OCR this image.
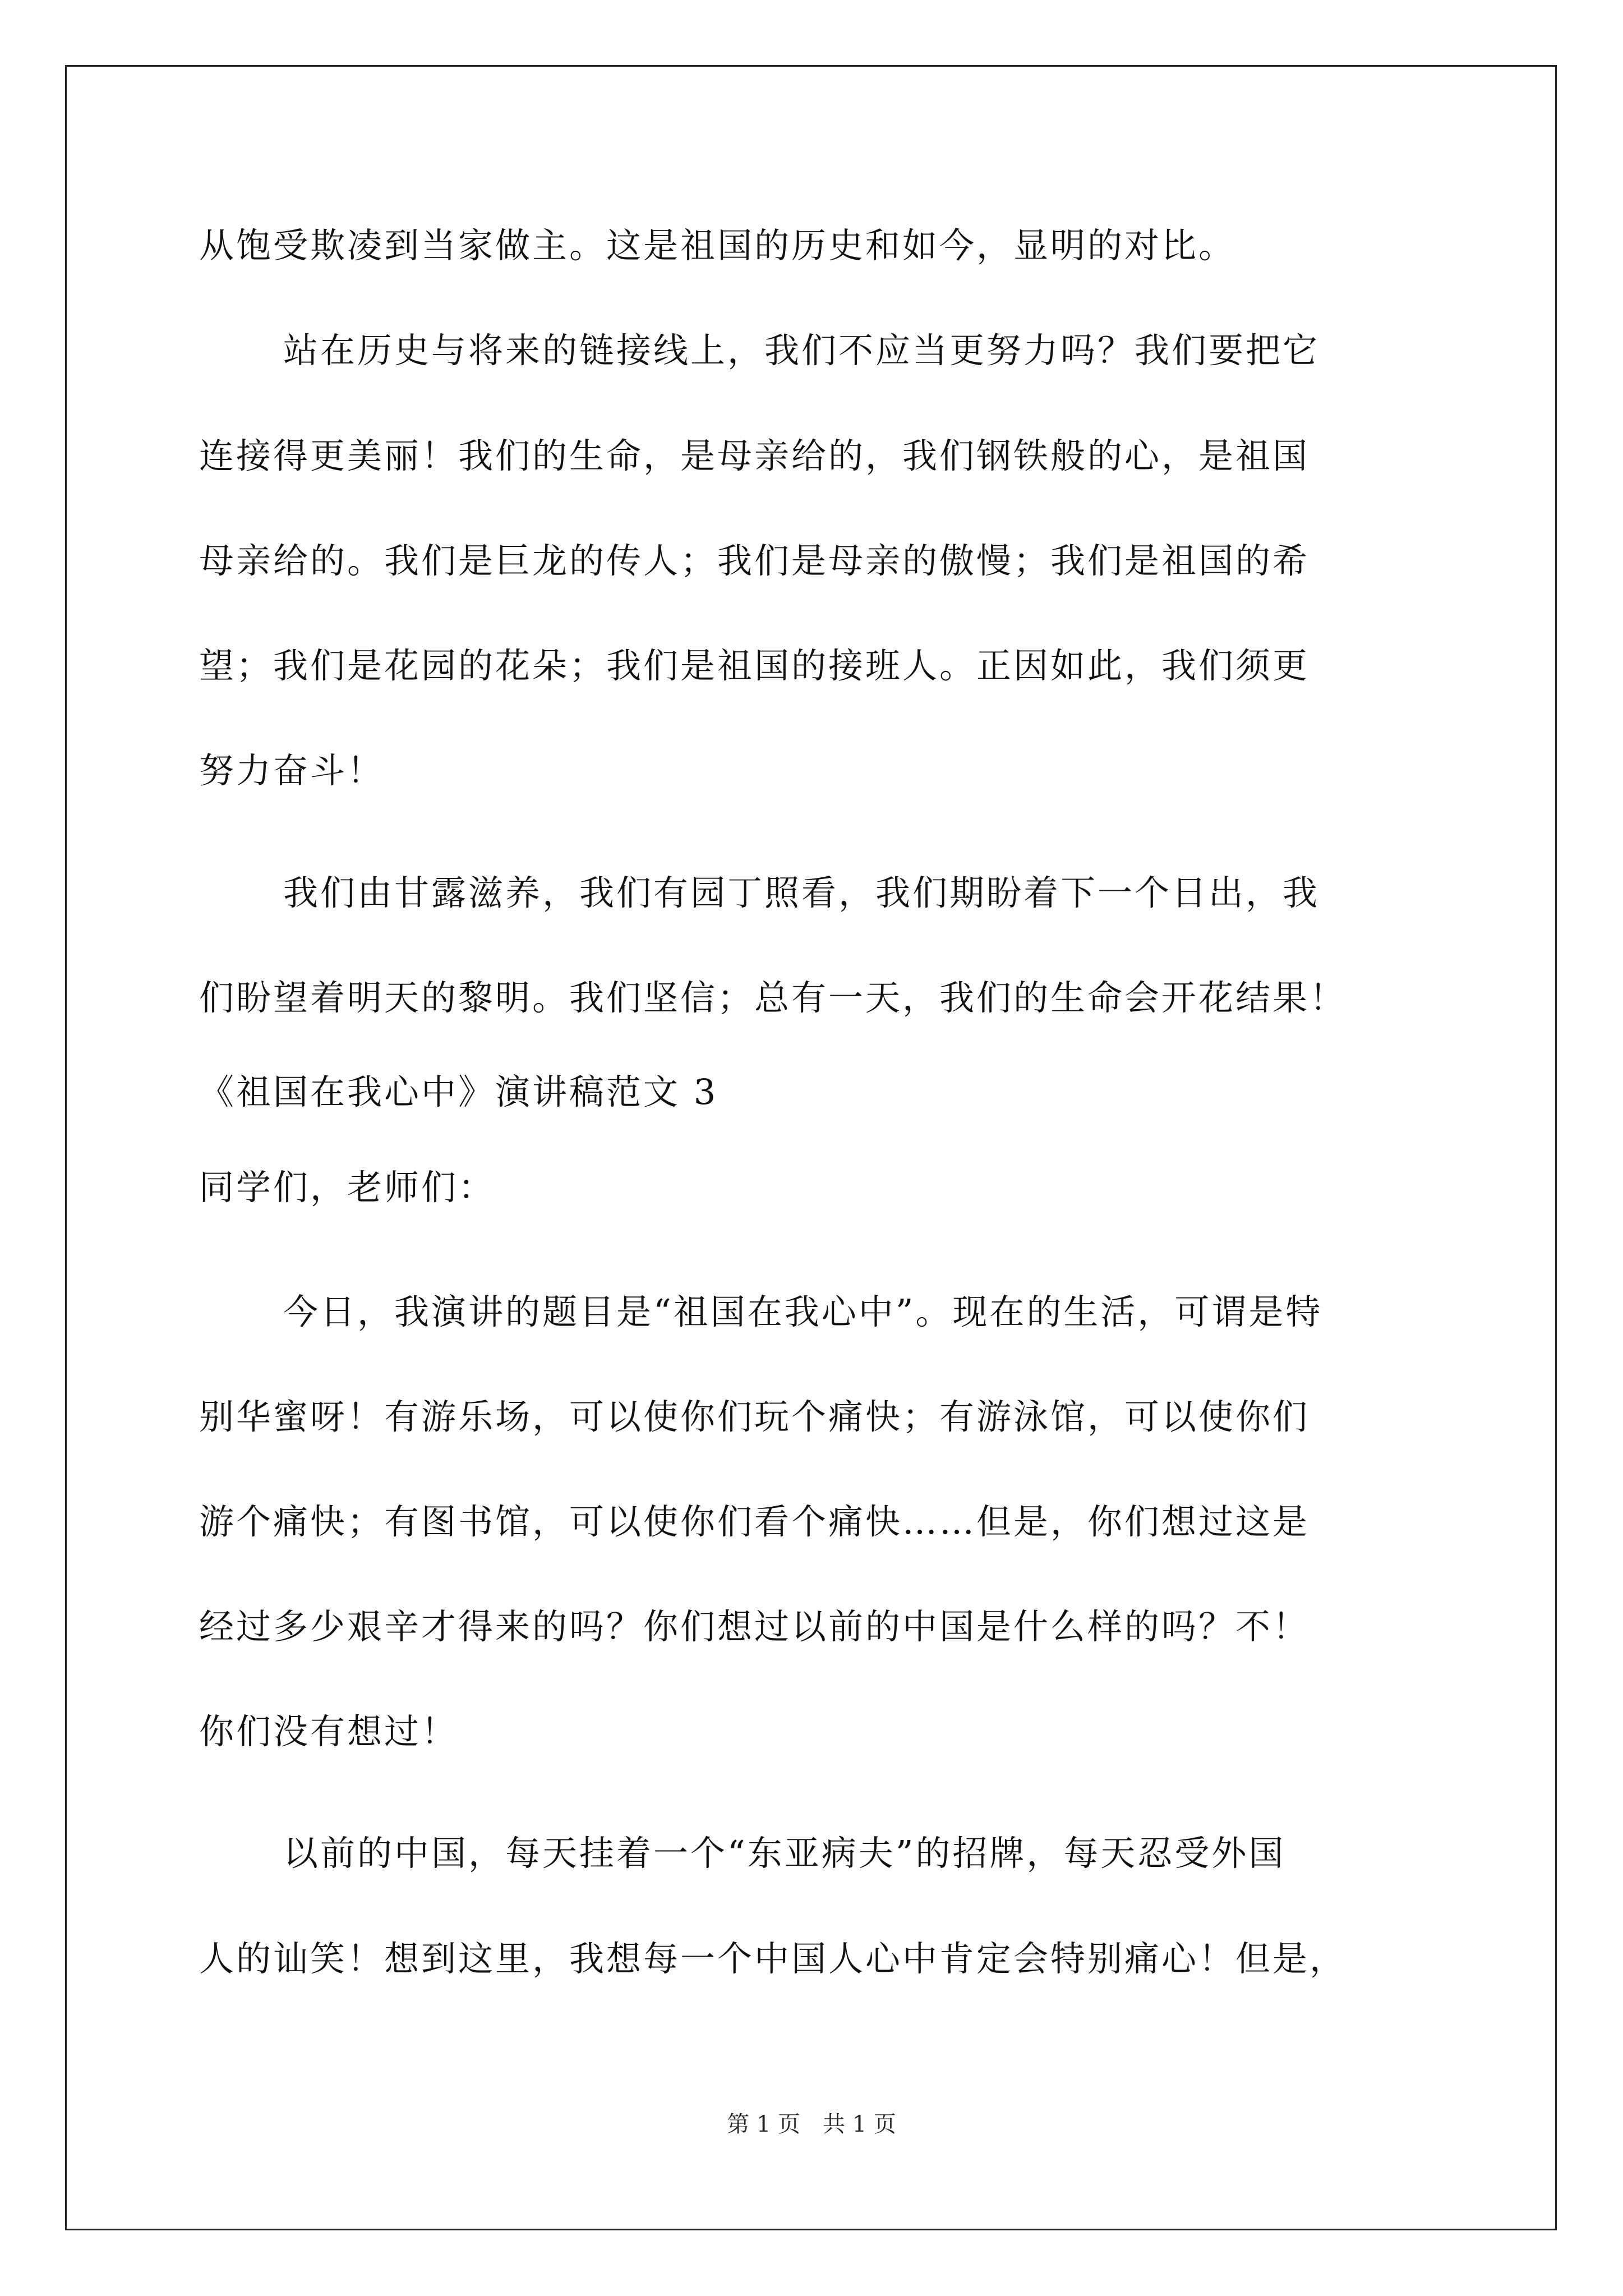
从饱受欺凌到当家做主。这是祖国的历史和如今，显明的对比。
站在历史与将来的链接线上，我们不应当更努力吗？我们要把它
连接得更美丽！我们的生命，是母亲给的，我们钢铁般的心，是祖国
母亲给的。我们是巨龙的传人；我们是母亲的傲慢；我们是祖国的希
望；我们是花园的花朵；我们是祖国的接班人。正因如此，我们须更
努力奋斗！
我们由甘露滋养，我们有园丁照看，我们期盼着下一个日出，我
们盼望着明天的黎明。我们坚信；总有一天，我们的生命会开花结果！
《祖国在我心中》演讲稿范文 3
同学们，老师们：
今日，我演讲的题目是“祖国在我心中”。现在的生活，可谓是特
别华蜜呀！有游乐场，可以使你们玩个痛快；有游泳馆，可以使你们
游个痛快；有图书馆，可以使你们看个痛快……但是，你们想过这是
经过多少艰辛才得来的吗？你们想过以前的中国是什么样的吗？不！
你们没有想过！
以前的中国，每天挂着一个“东亚病夫”的招牌，每天忍受外国
人的讪笑！想到这里，我想每一个中国人心中肯定会特别痛心！但是，
第 1 页　共 1 页
